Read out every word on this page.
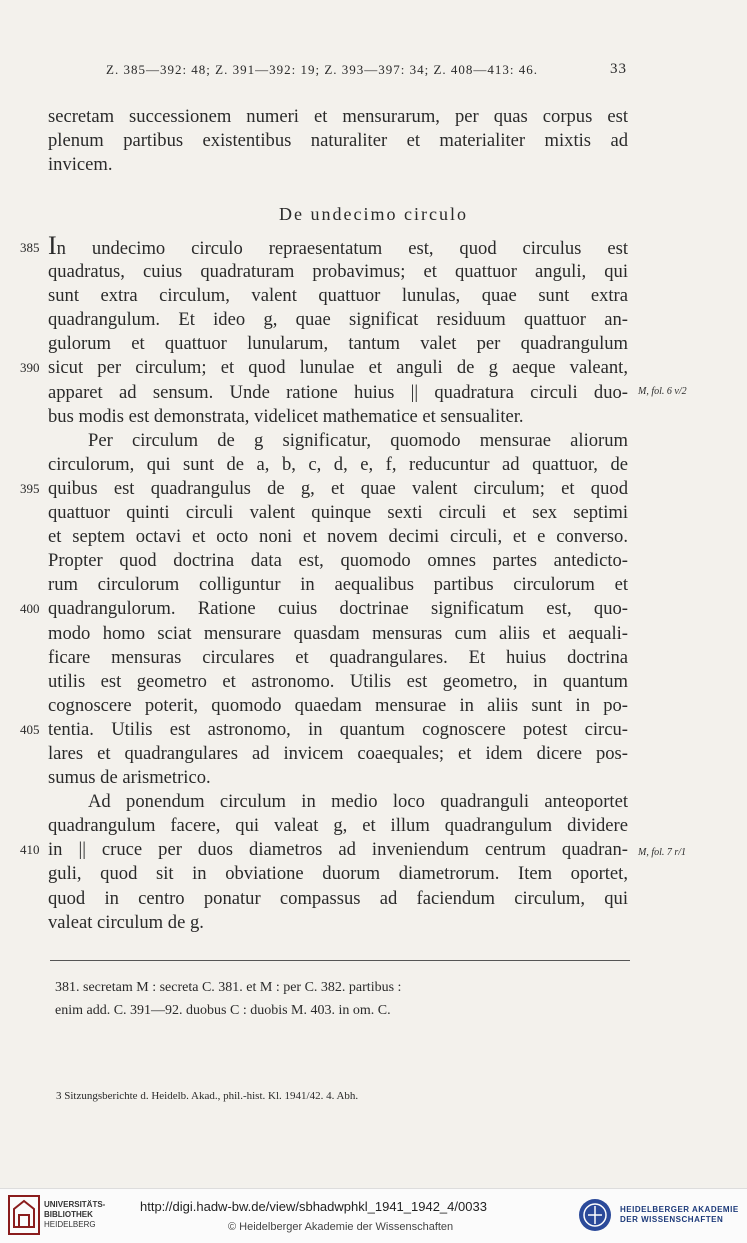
Z. 385—392: 48; Z. 391—392: 19; Z. 393—397: 34; Z. 408—413: 46.	33
secretam successionem numeri et mensurarum, per quas corpus est
plenum partibus existentibus naturaliter et materialiter mixtis ad
invicem.
De undecimo circulo
385 In undecimo circulo repraesentatum est, quod circulus est
quadratus, cuius quadraturam probavimus; et quattuor anguli, qui
sunt extra circulum, valent quattuor lunulas, quae sunt extra
quadrangulum. Et ideo g, quae significat residuum quattuor an-
gulorum et quattuor lunularum, tantum valet per quadrangulum
390 sicut per circulum; et quod lunulae et anguli de g aeque valeant,
apparet ad sensum. Unde ratione huius || quadratura circuli duo-
bus modis est demonstrata, videlicet mathematice et sensualiter.
Per circulum de g significatur, quomodo mensurae aliorum
circulorum, qui sunt de a, b, c, d, e, f, reducuntur ad quattuor, de
395 quibus est quadrangulus de g, et quae valent circulum; et quod
quattuor quinti circuli valent quinque sexti circuli et sex septimi
et septem octavi et octo noni et novem decimi circuli, et e converso.
Propter quod doctrina data est, quomodo omnes partes antedicto-
rum circulorum colliguntur in aequalibus partibus circulorum et
400 quadrangulorum. Ratione cuius doctrinae significatum est, quo-
modo homo sciat mensurare quasdam mensuras cum aliis et aequali-
ficare mensuras circulares et quadrangulares. Et huius doctrina
utilis est geometro et astronomo. Utilis est geometro, in quantum
cognoscere poterit, quomodo quaedam mensurae in aliis sunt in po-
405 tentia. Utilis est astronomo, in quantum cognoscere potest circu-
lares et quadrangulares ad invicem coaequales; et idem dicere pos-
sumus de arismetrico.
Ad ponendum circulum in medio loco quadranguli anteoportet
quadrangulum facere, qui valeat g, et illum quadrangulum dividere
410 in || cruce per duos diametros ad inveniendum centrum quadran-
guli, quod sit in obviatione duorum diametrorum. Item oportet,
quod in centro ponatur compassus ad faciendum circulum, qui
valeat circulum de g.
M, fol. 6 v/2
M, fol. 7 r/1
381. secretam M : secreta C. 381. et M : per C. 382. partibus :
enim add. C. 391—92. duobus C : duobis M. 403. in om. C.
3 Sitzungsberichte d. Heidelb. Akad., phil.-hist. Kl. 1941/42. 4. Abh.
UNIVERSITÄTS-
BIBLIOTHEK
HEIDELBERG
http://digi.hadw-bw.de/view/sbhadwphkl_1941_1942_4/0033
© Heidelberger Akademie der Wissenschaften
HEIDELBERGER AKADEMIE
DER WISSENSCHAFTEN
